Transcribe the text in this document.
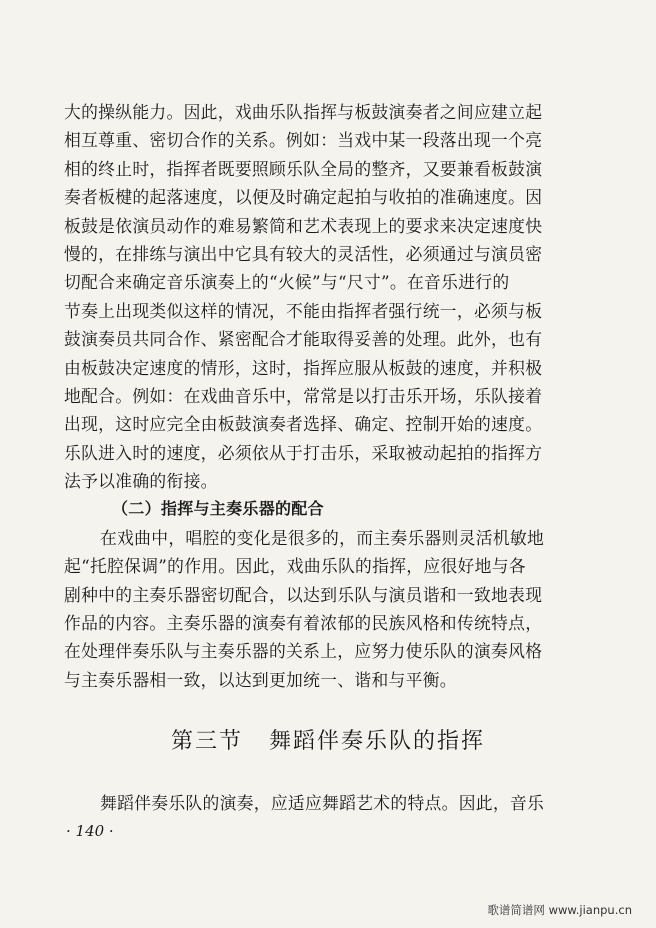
大的操纵能力。因此，戏曲乐队指挥与板鼓演奏者之间应建立起
相互尊重、密切合作的关系。例如：当戏中某一段落出现一个亮
相的终止时，指挥者既要照顾乐队全局的整齐，又要兼看板鼓演
奏者板楗的起落速度，以便及时确定起拍与收拍的准确速度。因
板鼓是依演员动作的难易繁简和艺术表现上的要求来决定速度快
慢的，在排练与演出中它具有较大的灵活性，必须通过与演员密
切配合来确定音乐演奏上的“火候”与“尺寸”。在音乐进行的
节奏上出现类似这样的情况，不能由指挥者强行统一，必须与板
鼓演奏员共同合作、紧密配合才能取得妥善的处理。此外，也有
由板鼓决定速度的情形，这时，指挥应服从板鼓的速度，并积极
地配合。例如：在戏曲音乐中，常常是以打击乐开场，乐队接着
出现，这时应完全由板鼓演奏者选择、确定、控制开始的速度。
乐队进入时的速度，必须依从于打击乐，采取被动起拍的指挥方
法予以准确的衔接。
（二）指挥与主奏乐器的配合
在戏曲中，唱腔的变化是很多的，而主奏乐器则灵活机敏地
起“托腔保调”的作用。因此，戏曲乐队的指挥，应很好地与各
剧种中的主奏乐器密切配合，以达到乐队与演员谐和一致地表现
作品的内容。主奏乐器的演奏有着浓郁的民族风格和传统特点，
在处理伴奏乐队与主奏乐器的关系上，应努力使乐队的演奏风格
与主奏乐器相一致，以达到更加统一、谐和与平衡。
第三节 舞蹈伴奏乐队的指挥
舞蹈伴奏乐队的演奏，应适应舞蹈艺术的特点。因此，音乐
· 140 ·
歌谱简谱网 www.jianpu.cn
